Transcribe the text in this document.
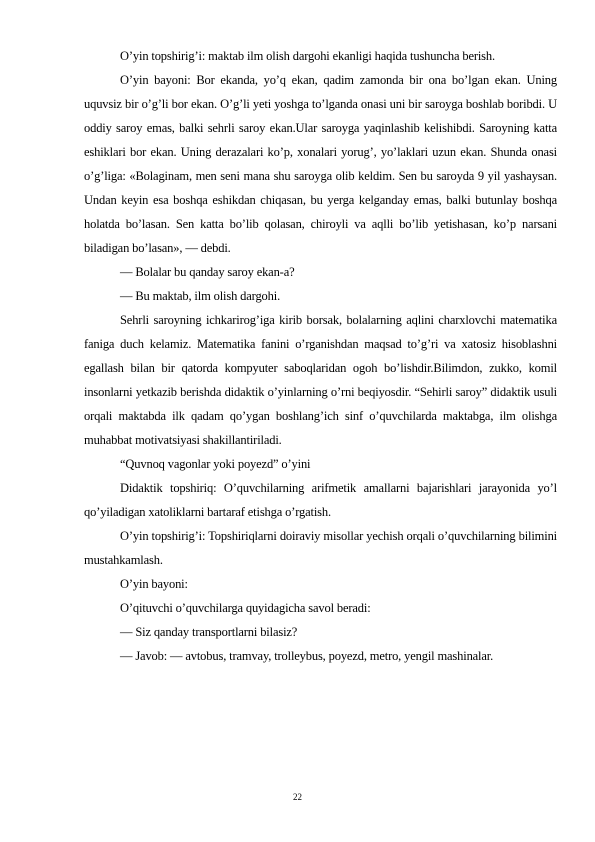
O’yin topshirig’i: maktab ilm olish dargohi ekanligi haqida tushuncha berish.

O’yin bayoni: Bor ekanda, yo’q ekan, qadim zamonda bir ona bo’lgan ekan. Uning uquvsiz bir o’g’li bor ekan. O’g’li yeti yoshga to’lganda onasi uni bir saroyga boshlab boribdi. U oddiy saroy emas, balki sehrli saroy ekan.Ular saroyga yaqinlashib kelishibdi. Saroyning katta eshiklari bor ekan. Uning derazalari ko’p, xonalari yorug’, yo’laklari uzun ekan. Shunda onasi o’g’liga: «Bolaginam, men seni mana shu saroyga olib keldim. Sen bu saroyda 9 yil yashaysan. Undan keyin esa boshqa eshikdan chiqasan, bu yerga kelganday emas, balki butunlay boshqa holatda bo’lasan. Sen katta bo’lib qolasan, chiroyli va aqlli bo’lib yetishasan, ko’p narsani biladigan bo’lasan», — debdi.

— Bolalar bu qanday saroy ekan-a?

— Bu maktab, ilm olish dargohi.

Sehrli saroyning ichkarirog’iga kirib borsak, bolalarning aqlini charxlovchi matematika faniga duch kelamiz. Matematika fanini o’rganishdan maqsad to’g’ri va xatosiz hisoblashni egallash bilan bir qatorda kompyuter saboqlaridan ogoh bo’lishdir.Bilimdon, zukko, komil insonlarni yetkazib berishda didaktik o’yinlarning o’rni beqiyosdir. “Sehirli saroy” didaktik usuli orqali maktabda ilk qadam qo’ygan boshlang’ich sinf o’quvchilarda maktabga, ilm olishga muhabbat motivatsiyasi shakillantiriladi.

“Quvnoq vagonlar yoki poyezd” o’yini

Didaktik topshiriq: O’quvchilarning arifmetik amallarni bajarishlari jarayonida yo’l qo’yiladigan xatoliklarni bartaraf etishga o’rgatish.

O’yin topshirig’i: Topshiriqlarni doiraviy misollar yechish orqali o’quvchilarning bilimini mustahkamlash.

O’yin bayoni:

O’qituvchi o’quvchilarga quyidagicha savol beradi:

— Siz qanday transportlarni bilasiz?

— Javob: — avtobus, tramvay, trolleybus, poyezd, metro, yengil mashinalar.

22
